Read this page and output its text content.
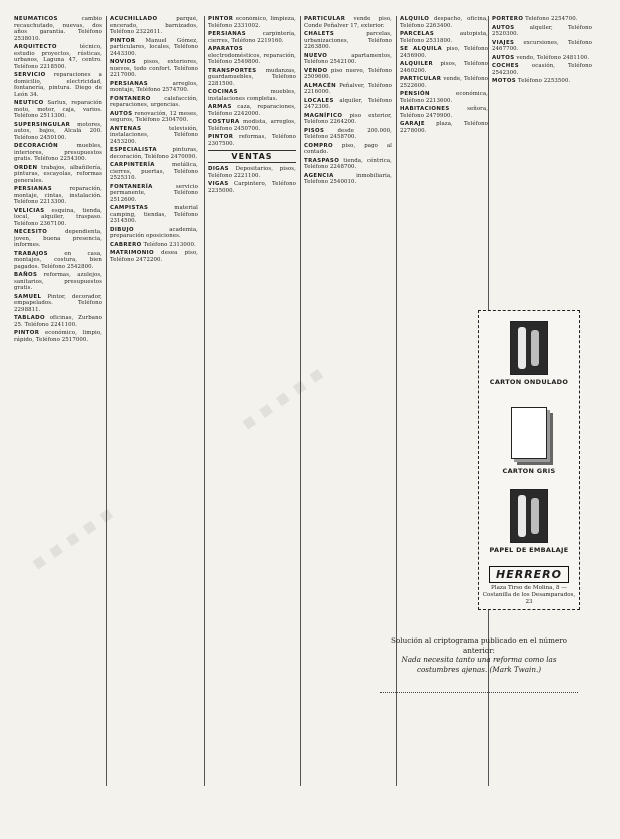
NEUMATICOS	cambio recauchutado, nuevas, dos años garantía. Teléfono 2538010.

ARQUITECTO	técnico, estudio proyectos, rústicas, urbanos, Laguna 47, centro. Teléfono 2218500.

SERVICIO reparaciones a domicilio, electricidad, fontanería, pintura. Diego de León 34.

NEUTICO Sarlux, reparación moto, motor, caja, varios. Teléfono 2511300.

SUPERSINGULAR motores, autos, bajos, Alcalá 200. Teléfono 2450100.

DECORACIÓN	muebles, interiores, presupuestos gratis. Teléfono 2254300.

ORDEN trabajos, albañilería, pinturas, escayolas, reformas generales.

PERSIANAS	reparación, montaje, cintas, instalación. Teléfono 2213300.

VELICIAS esquina, tienda, local, alquiler, traspaso. Teléfono 2367100.

NECESITO	dependienta, joven, buena presencia, informes.

TRABAJOS	en casa, montajes, costura, bien pagados. Teléfono 2542800.

BAÑOS reformas, azulejos, sanitarios, presupuestos gratis.

SAMUEL Pintor, decorador, empapelados. Teléfono 2298811.

TABLADO oficinas, Zurbano 25. Teléfono 2241100.

PINTOR económico, limpio, rápido, Teléfono 2517000.

ACUCHILLADO	parqué, encerado, barnizados, Teléfono 2322611.

PINTOR Manuel Gómez, particulares, locales, Teléfono 2443300.

NOVIOS pisos, exteriores, nuevos, todo confort. Teléfono 2217000.

PERSIANAS	arreglos, montaje, Teléfono 2574700.

FONTANERO	calefacción, reparaciones, urgencias.

AUTOS renovación, 12 meses, seguros, Teléfono 2304700.

ANTENAS	televisión, instalaciones, Teléfono 2453200.

ESPECIALISTA	pinturas, decoración, Teléfono 2470090.

CARPINTERÍA	metálica, cierres, puertas, Teléfono 2525310.

FONTANERÍA	servicio permanente, Teléfono 2512600.

CAMPISTAS	material camping, tiendas, Teléfono 2314500.

DIBUJO	academia, preparación oposiciones.

CABRERO Teléfono 2313000.

MATRIMONIO desea piso, Teléfono 2472200.

PINTOR económico, limpieza, Teléfono 2331002.

PERSIANAS	carpintería, cierres, Teléfono 2219160.

APARATOS electrodomésticos, reparación, Teléfono 2549800.

TRANSPORTES mudanzas, guardamuebles, Teléfono 2281500.

COCINAS	muebles, instalaciones completas.

ARMAS caza, reparaciones, Teléfono 2242000.

COSTURA modista, arreglos, Teléfono 2450700.

PINTOR reformas, Teléfono 2307500.

VENTAS

DIGAS Depositarios, pisos, Teléfono 2221100.

VIGAS Carpintero, Teléfono 2235000.

PARTICULAR vende piso, Conde Peñalver 17, exterior.

CHALETS	parcelas, urbanizaciones, Teléfono 2263800.

NUEVO	apartamentos, Teléfono 2542100.

VENDO piso nuevo, Teléfono 2509600.

ALMACÉN Peñalver, Teléfono 2216000.

LOCALES alquiler, Teléfono 2472300.

MAGNÍFICO piso exterior, Teléfono 2264200.

PISOS desde 200.000, Teléfono 2458700.

COMPRO piso, pago al contado.

TRASPASO tienda, céntrica, Teléfono 2248700.

AGENCIA	inmobiliaria, Teléfono 2540010.

ALQUILO despacho, oficina, Teléfono 2263400.

PARCELAS	autopista, Teléfono 2531800.

SE ALQUILA piso, Teléfono 2456900.

ALQUILER pisos, Teléfono 2460200.

PARTICULAR vende, Teléfono 2522600.

PENSIÓN	económica, Teléfono 2213600.

HABITACIONES	señora, Teléfono 2479900.

GARAJE plaza, Teléfono 2278000.

PORTERO Teléfono 2254700.

AUTOS	alquiler, Teléfono 2520300.

VIAJES excursiones, Teléfono 2467700.

AUTOS vendo, Teléfono 2481100.

COCHES ocasión, Teléfono 2542300.

MOTOS Teléfono 2253500.

CARTON ONDULADO
CARTON GRIS
PAPEL DE EMBALAJE
HERRERO
Plaza Tirso de Molina, 8 — Costanilla de los Desamparados, 23
Solución al criptograma publicado en el número anterior:
Nada necesita tanto una reforma como las costumbres ajenas. (Mark Twain.)
■ ■ ■ ■ ■
■ ■ ■ ■ ■
